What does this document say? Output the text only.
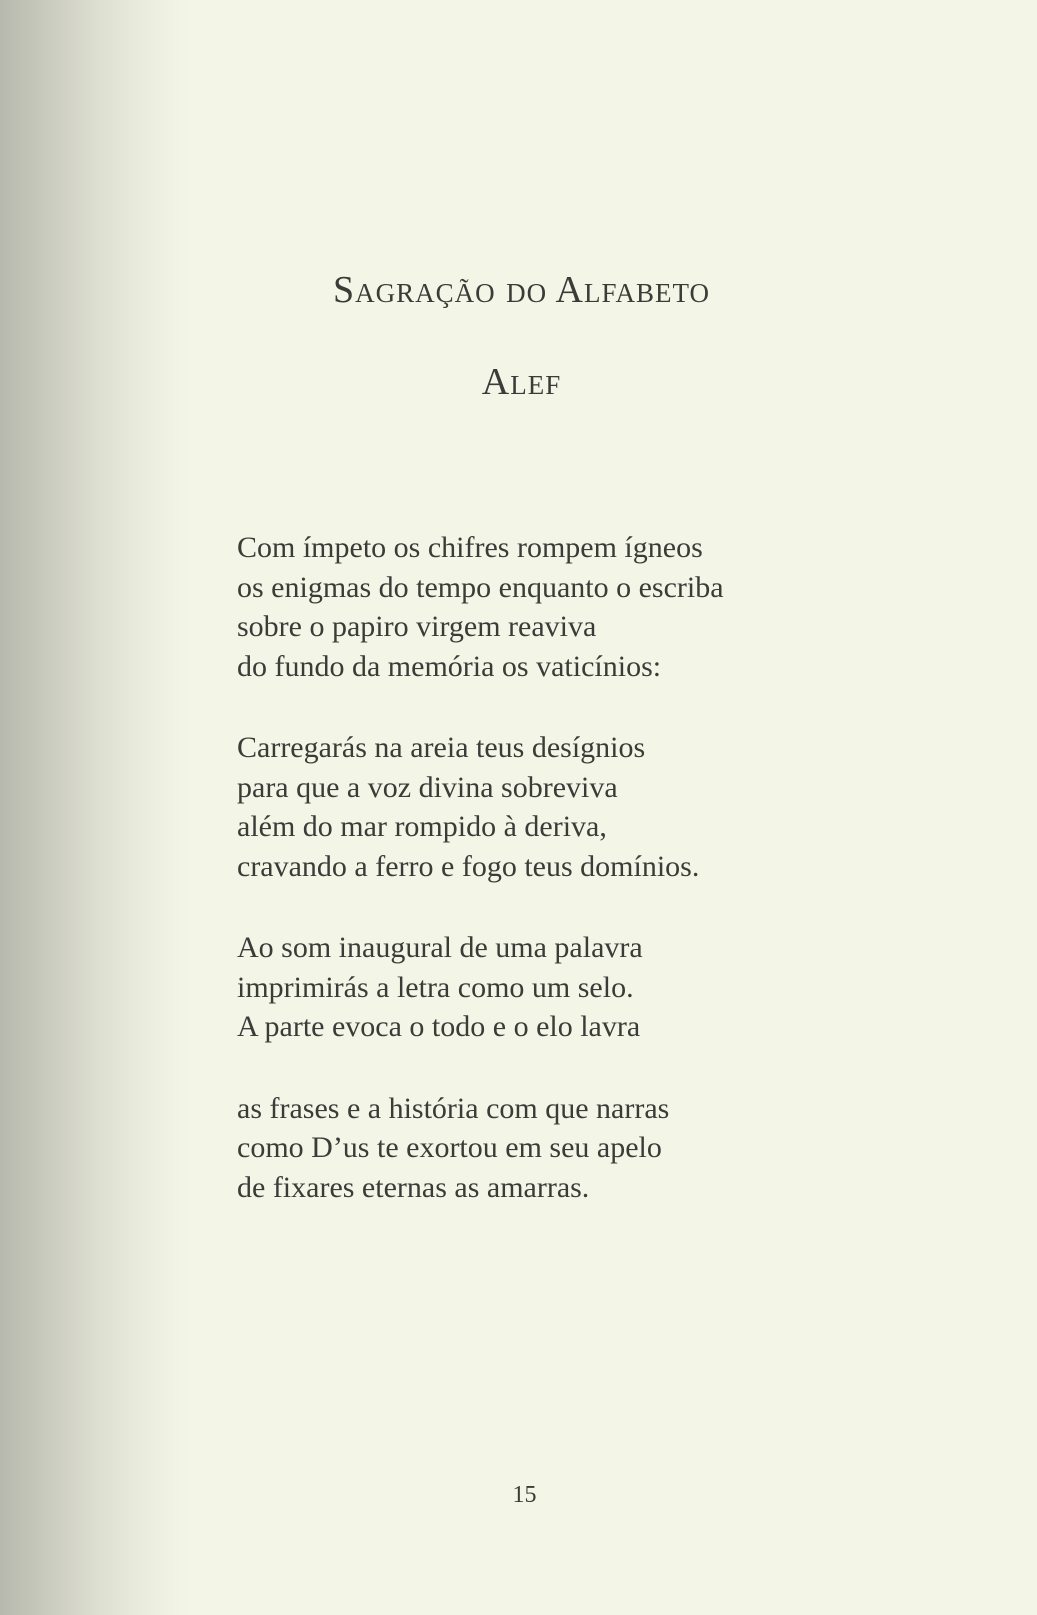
Sagração do Alfabeto
Alef
Com ímpeto os chifres rompem ígneos
os enigmas do tempo enquanto o escriba
sobre o papiro virgem reaviva
do fundo da memória os vaticínios:
Carregarás na areia teus desígnios
para que a voz divina sobreviva
além do mar rompido à deriva,
cravando a ferro e fogo teus domínios.
Ao som inaugural de uma palavra
imprimirás a letra como um selo.
A parte evoca o todo e o elo lavra
as frases e a história com que narras
como D’us te exortou em seu apelo
de fixares eternas as amarras.
15
